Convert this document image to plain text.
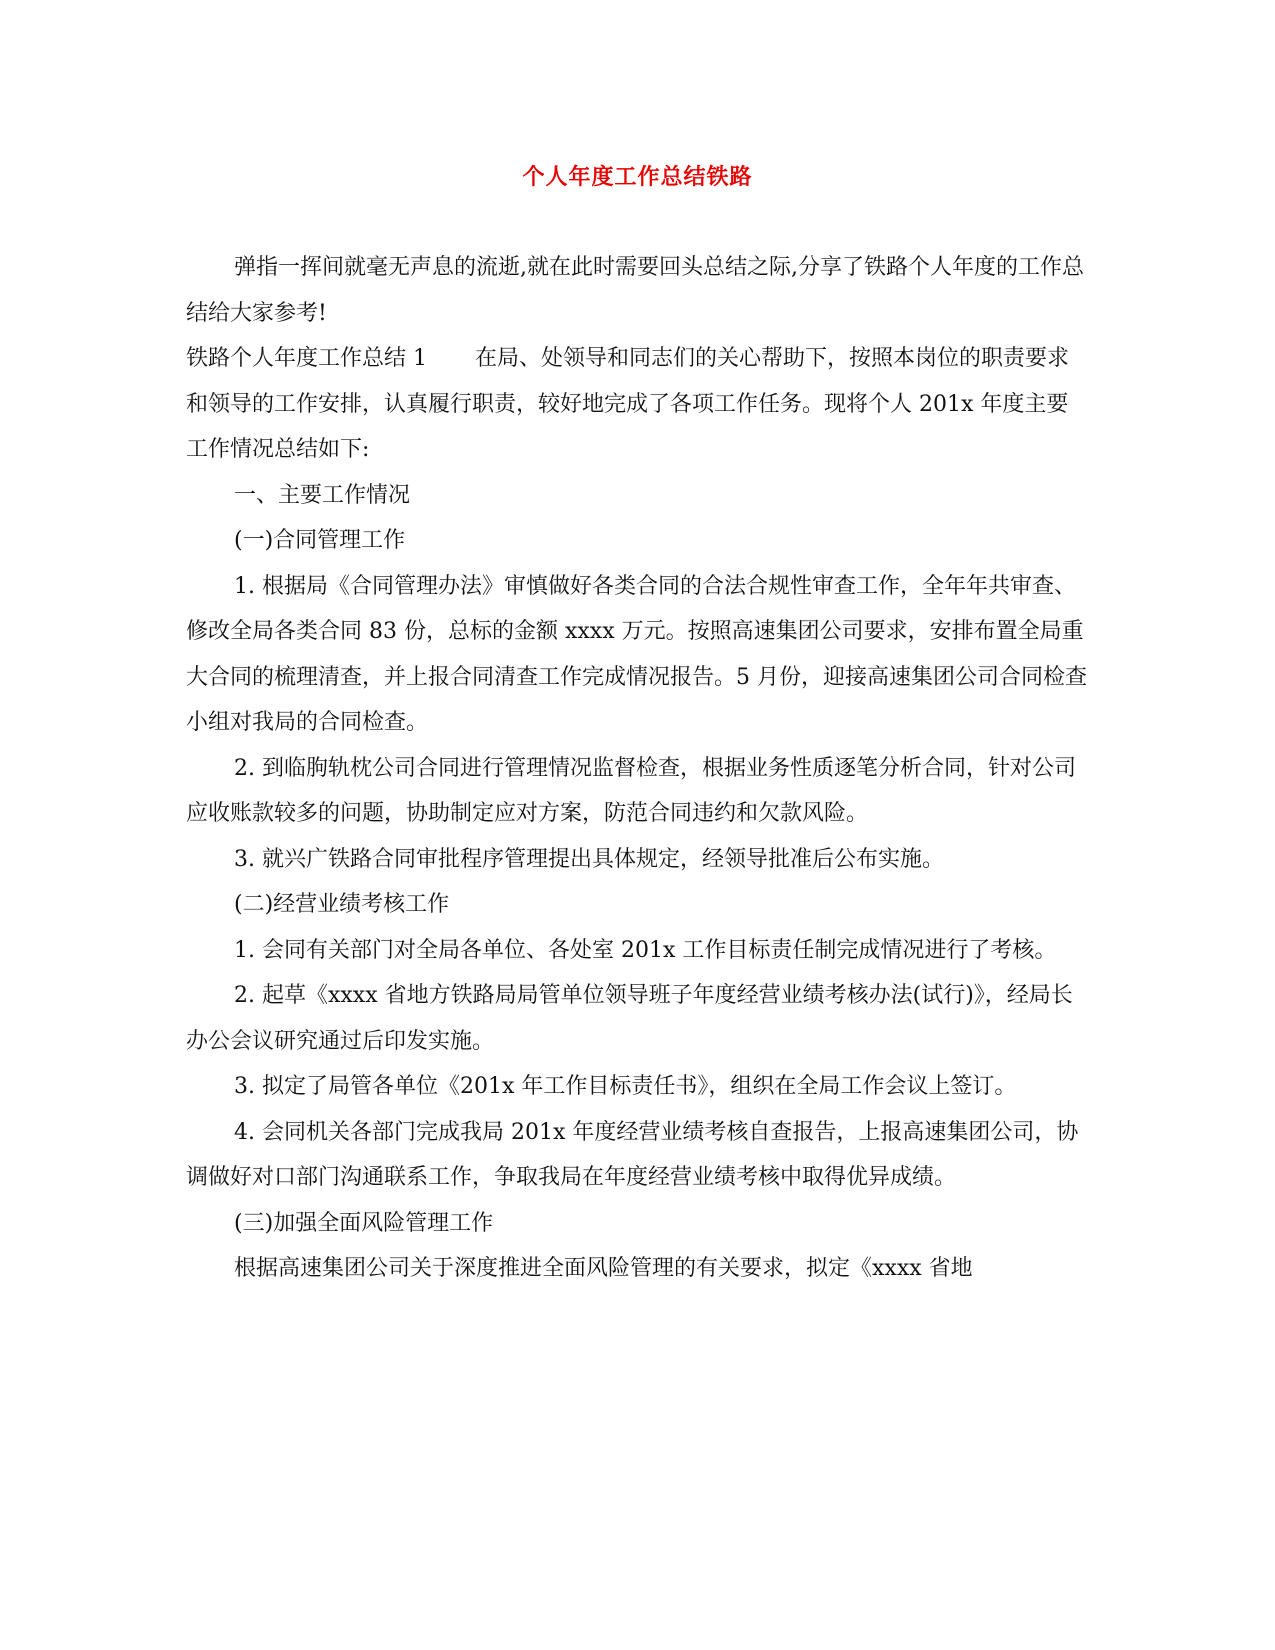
个人年度工作总结铁路

弹指一挥间就毫无声息的流逝,就在此时需要回头总结之际,分享了铁路个人年度的工作总结给大家参考!

铁路个人年度工作总结 1 在局、处领导和同志们的关心帮助下，按照本岗位的职责要求和领导的工作安排，认真履行职责，较好地完成了各项工作任务。现将个人 201x 年度主要工作情况总结如下:

一、主要工作情况

(一)合同管理工作

1. 根据局《合同管理办法》审慎做好各类合同的合法合规性审查工作，全年年共审查、修改全局各类合同 83 份，总标的金额 xxxx 万元。按照高速集团公司要求，安排布置全局重大合同的梳理清查，并上报合同清查工作完成情况报告。5 月份，迎接高速集团公司合同检查小组对我局的合同检查。

2. 到临朐轨枕公司合同进行管理情况监督检查，根据业务性质逐笔分析合同，针对公司应收账款较多的问题，协助制定应对方案，防范合同违约和欠款风险。

3. 就兴广铁路合同审批程序管理提出具体规定，经领导批准后公布实施。

(二)经营业绩考核工作

1. 会同有关部门对全局各单位、各处室 201x 工作目标责任制完成情况进行了考核。

2. 起草《xxxx 省地方铁路局局管单位领导班子年度经营业绩考核办法(试行)》，经局长办公会议研究通过后印发实施。

3. 拟定了局管各单位《201x 年工作目标责任书》，组织在全局工作会议上签订。

4. 会同机关各部门完成我局 201x 年度经营业绩考核自查报告，上报高速集团公司，协调做好对口部门沟通联系工作，争取我局在年度经营业绩考核中取得优异成绩。

(三)加强全面风险管理工作

根据高速集团公司关于深度推进全面风险管理的有关要求，拟定《xxxx 省地
